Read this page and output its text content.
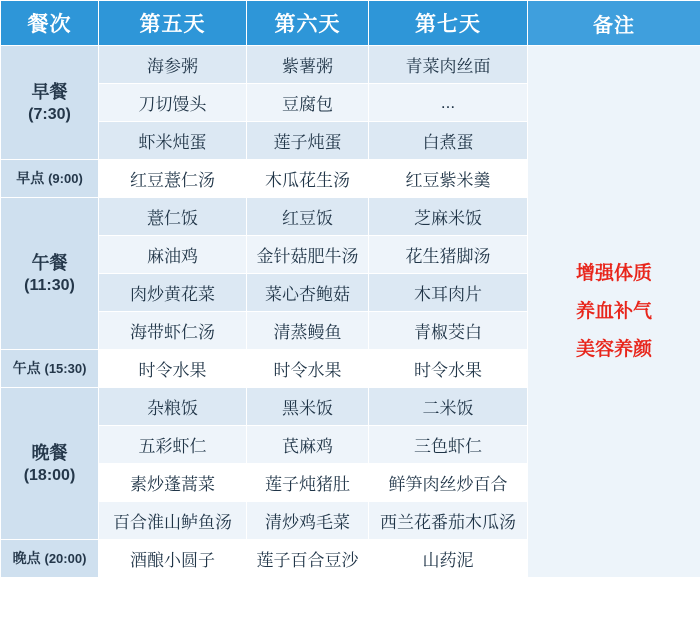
餐次	第五天	第六天	第七天	备注

早餐
(7:30)	海参粥	紫薯粥	青菜肉丝面	增强体质
养血补气
美容养颜

	刀切馒头	豆腐包	...	
	虾米炖蛋	莲子炖蛋	白煮蛋	
早点 (9:00)	红豆薏仁汤	木瓜花生汤	红豆紫米羹	

午餐
(11:30)	薏仁饭	红豆饭	芝麻米饭	
	麻油鸡	金针菇肥牛汤	花生猪脚汤	
	肉炒黄花菜	菜心杏鲍菇	木耳肉片	
	海带虾仁汤	清蒸鳗鱼	青椒茭白	
午点 (15:30)	时令水果	时令水果	时令水果	

晚餐
(18:00)	杂粮饭	黑米饭	二米饭	
	五彩虾仁	芪麻鸡	三色虾仁	
	素炒蓬蒿菜	莲子炖猪肚	鲜笋肉丝炒百合	
	百合淮山鲈鱼汤	清炒鸡毛菜	西兰花番茄木瓜汤	
晚点 (20:00)	酒酿小圆子	莲子百合豆沙	山药泥	
